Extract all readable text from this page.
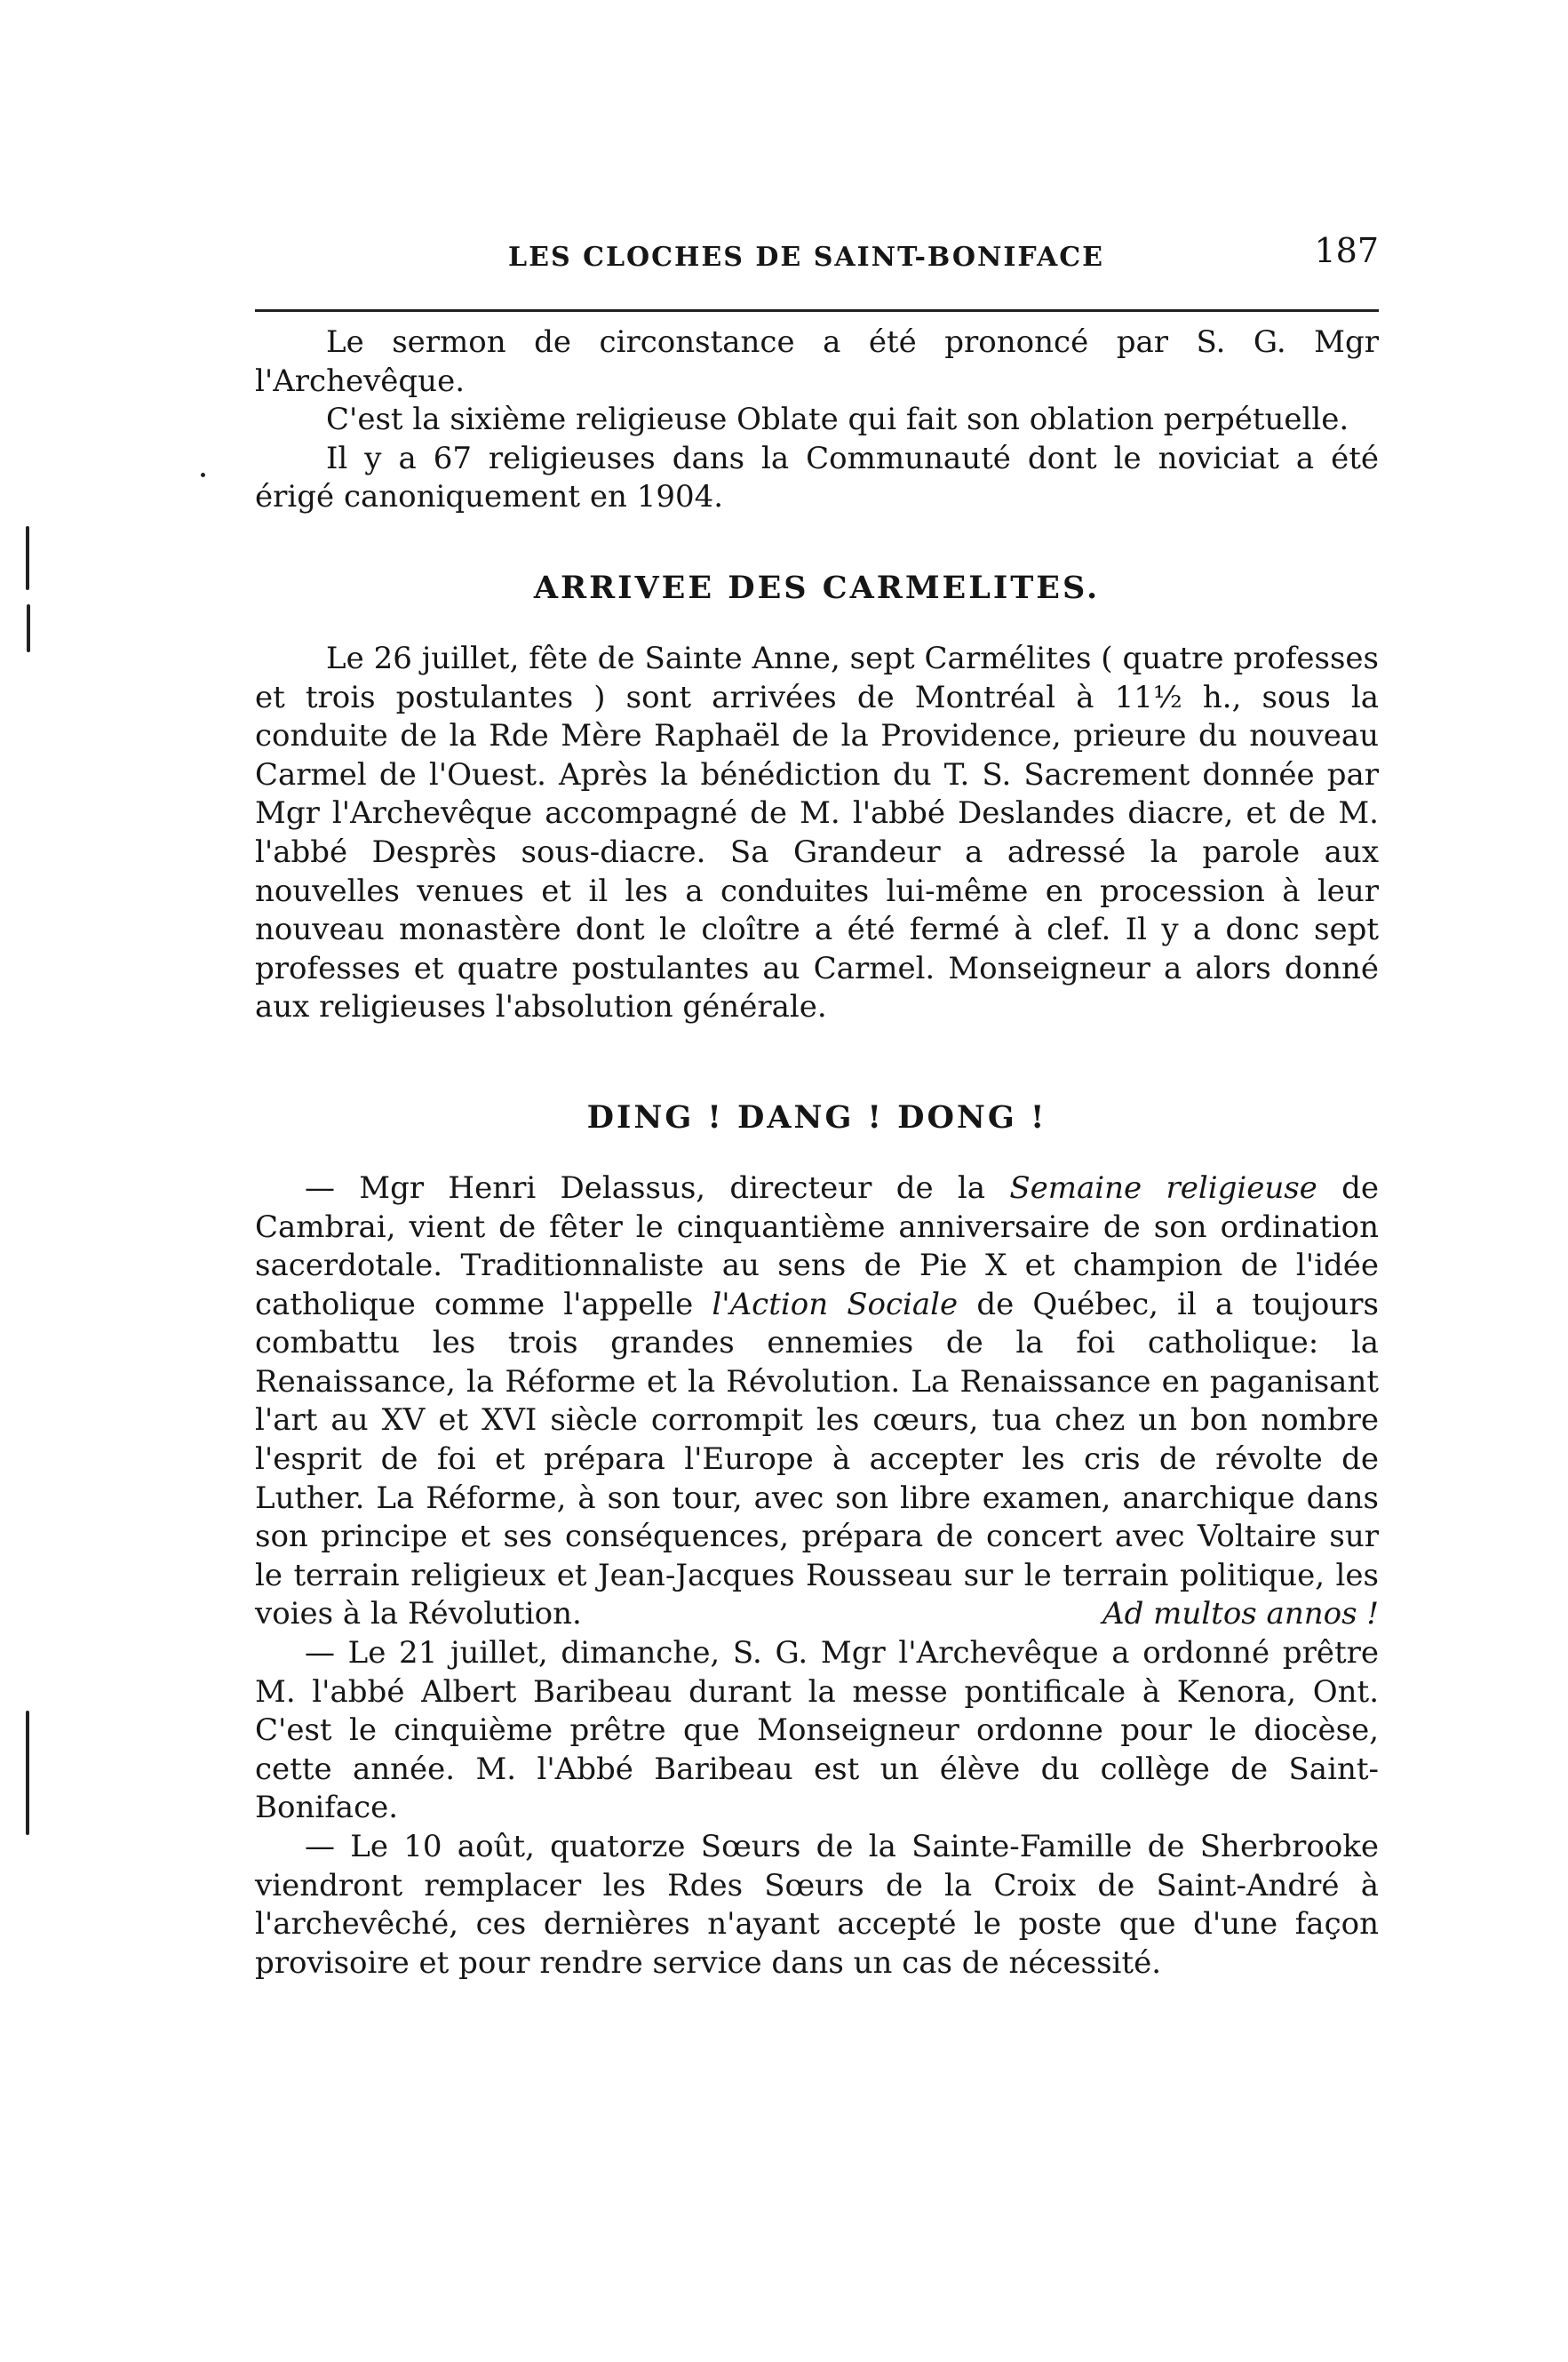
LES CLOCHES DE SAINT-BONIFACE	187

Le sermon de circonstance a été prononcé par S. G. Mgr l'Archevêque.

C'est la sixième religieuse Oblate qui fait son oblation perpétuelle.

Il y a 67 religieuses dans la Communauté dont le noviciat a été érigé canoniquement en 1904.

ARRIVEE DES CARMELITES.

Le 26 juillet, fête de Sainte Anne, sept Carmélites ( quatre professes et trois postulantes ) sont arrivées de Montréal à 11½ h., sous la conduite de la Rde Mère Raphaël de la Providence, prieure du nouveau Carmel de l'Ouest. Après la bénédiction du T. S. Sacrement donnée par Mgr l'Archevêque accompagné de M. l'abbé Deslandes diacre, et de M. l'abbé Desprès sous-diacre. Sa Grandeur a adressé la parole aux nouvelles venues et il les a conduites lui-même en procession à leur nouveau monastère dont le cloître a été fermé à clef. Il y a donc sept professes et quatre postulantes au Carmel. Monseigneur a alors donné aux religieuses l'absolution générale.

DING ! DANG ! DONG !

— Mgr Henri Delassus, directeur de la Semaine religieuse de Cambrai, vient de fêter le cinquantième anniversaire de son ordination sacerdotale. Traditionnaliste au sens de Pie X et champion de l'idée catholique comme l'appelle l'Action Sociale de Québec, il a toujours combattu les trois grandes ennemies de la foi catholique: la Renaissance, la Réforme et la Révolution. La Renaissance en paganisant l'art au XV et XVI siècle corrompit les cœurs, tua chez un bon nombre l'esprit de foi et prépara l'Europe à accepter les cris de révolte de Luther. La Réforme, à son tour, avec son libre examen, anarchique dans son principe et ses conséquences, prépara de concert avec Voltaire sur le terrain religieux et Jean-Jacques Rousseau sur le terrain politique, les voies à la Révolution.	Ad multos annos !

— Le 21 juillet, dimanche, S. G. Mgr l'Archevêque a ordonné prêtre M. l'abbé Albert Baribeau durant la messe pontificale à Kenora, Ont. C'est le cinquième prêtre que Monseigneur ordonne pour le diocèse, cette année. M. l'Abbé Baribeau est un élève du collège de Saint-Boniface.

— Le 10 août, quatorze Sœurs de la Sainte-Famille de Sherbrooke viendront remplacer les Rdes Sœurs de la Croix de Saint-André à l'archevêché, ces dernières n'ayant accepté le poste que d'une façon provisoire et pour rendre service dans un cas de nécessité.
